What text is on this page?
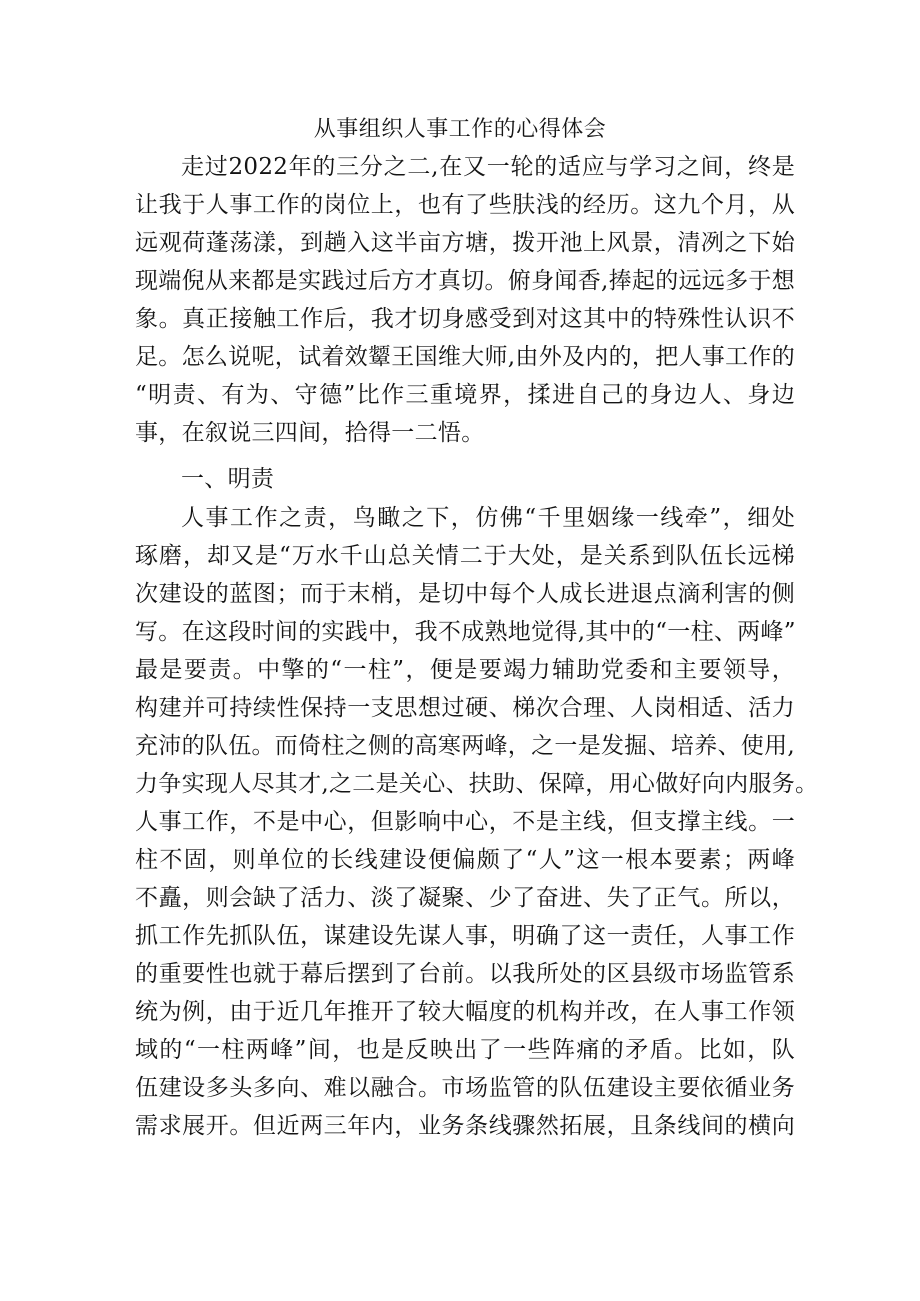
从事组织人事工作的心得体会
走过2022年的三分之二,在又一轮的适应与学习之间，终是
让我于人事工作的岗位上，也有了些肤浅的经历。这九个月，从
远观荷蓬荡漾，到趟入这半亩方塘，拨开池上风景，清冽之下始
现端倪从来都是实践过后方才真切。俯身闻香,捧起的远远多于想
象。真正接触工作后，我才切身感受到对这其中的特殊性认识不
足。怎么说呢，试着效颦王国维大师,由外及内的，把人事工作的
“明责、有为、守德”比作三重境界，揉进自己的身边人、身边
事，在叙说三四间，拾得一二悟。
一、明责
人事工作之责，鸟瞰之下，仿佛“千里姻缘一线牵”，细处
琢磨，却又是“万水千山总关情二于大处，是关系到队伍长远梯
次建设的蓝图；而于末梢，是切中每个人成长进退点滴利害的侧
写。在这段时间的实践中，我不成熟地觉得,其中的“一柱、两峰”
最是要责。中擎的“一柱”，便是要竭力辅助党委和主要领导，
构建并可持续性保持一支思想过硬、梯次合理、人岗相适、活力
充沛的队伍。而倚柱之侧的高寒两峰，之一是发掘、培养、使用,
力争实现人尽其才,之二是关心、扶助、保障，用心做好向内服务。
人事工作，不是中心，但影响中心，不是主线，但支撑主线。一
柱不固，则单位的长线建设便偏颇了“人”这一根本要素；两峰
不矗，则会缺了活力、淡了凝聚、少了奋进、失了正气。所以，
抓工作先抓队伍，谋建设先谋人事，明确了这一责任，人事工作
的重要性也就于幕后摆到了台前。以我所处的区县级市场监管系
统为例，由于近几年推开了较大幅度的机构并改，在人事工作领
域的“一柱两峰”间，也是反映出了一些阵痛的矛盾。比如，队
伍建设多头多向、难以融合。市场监管的队伍建设主要依循业务
需求展开。但近两三年内，业务条线骤然拓展，且条线间的横向
